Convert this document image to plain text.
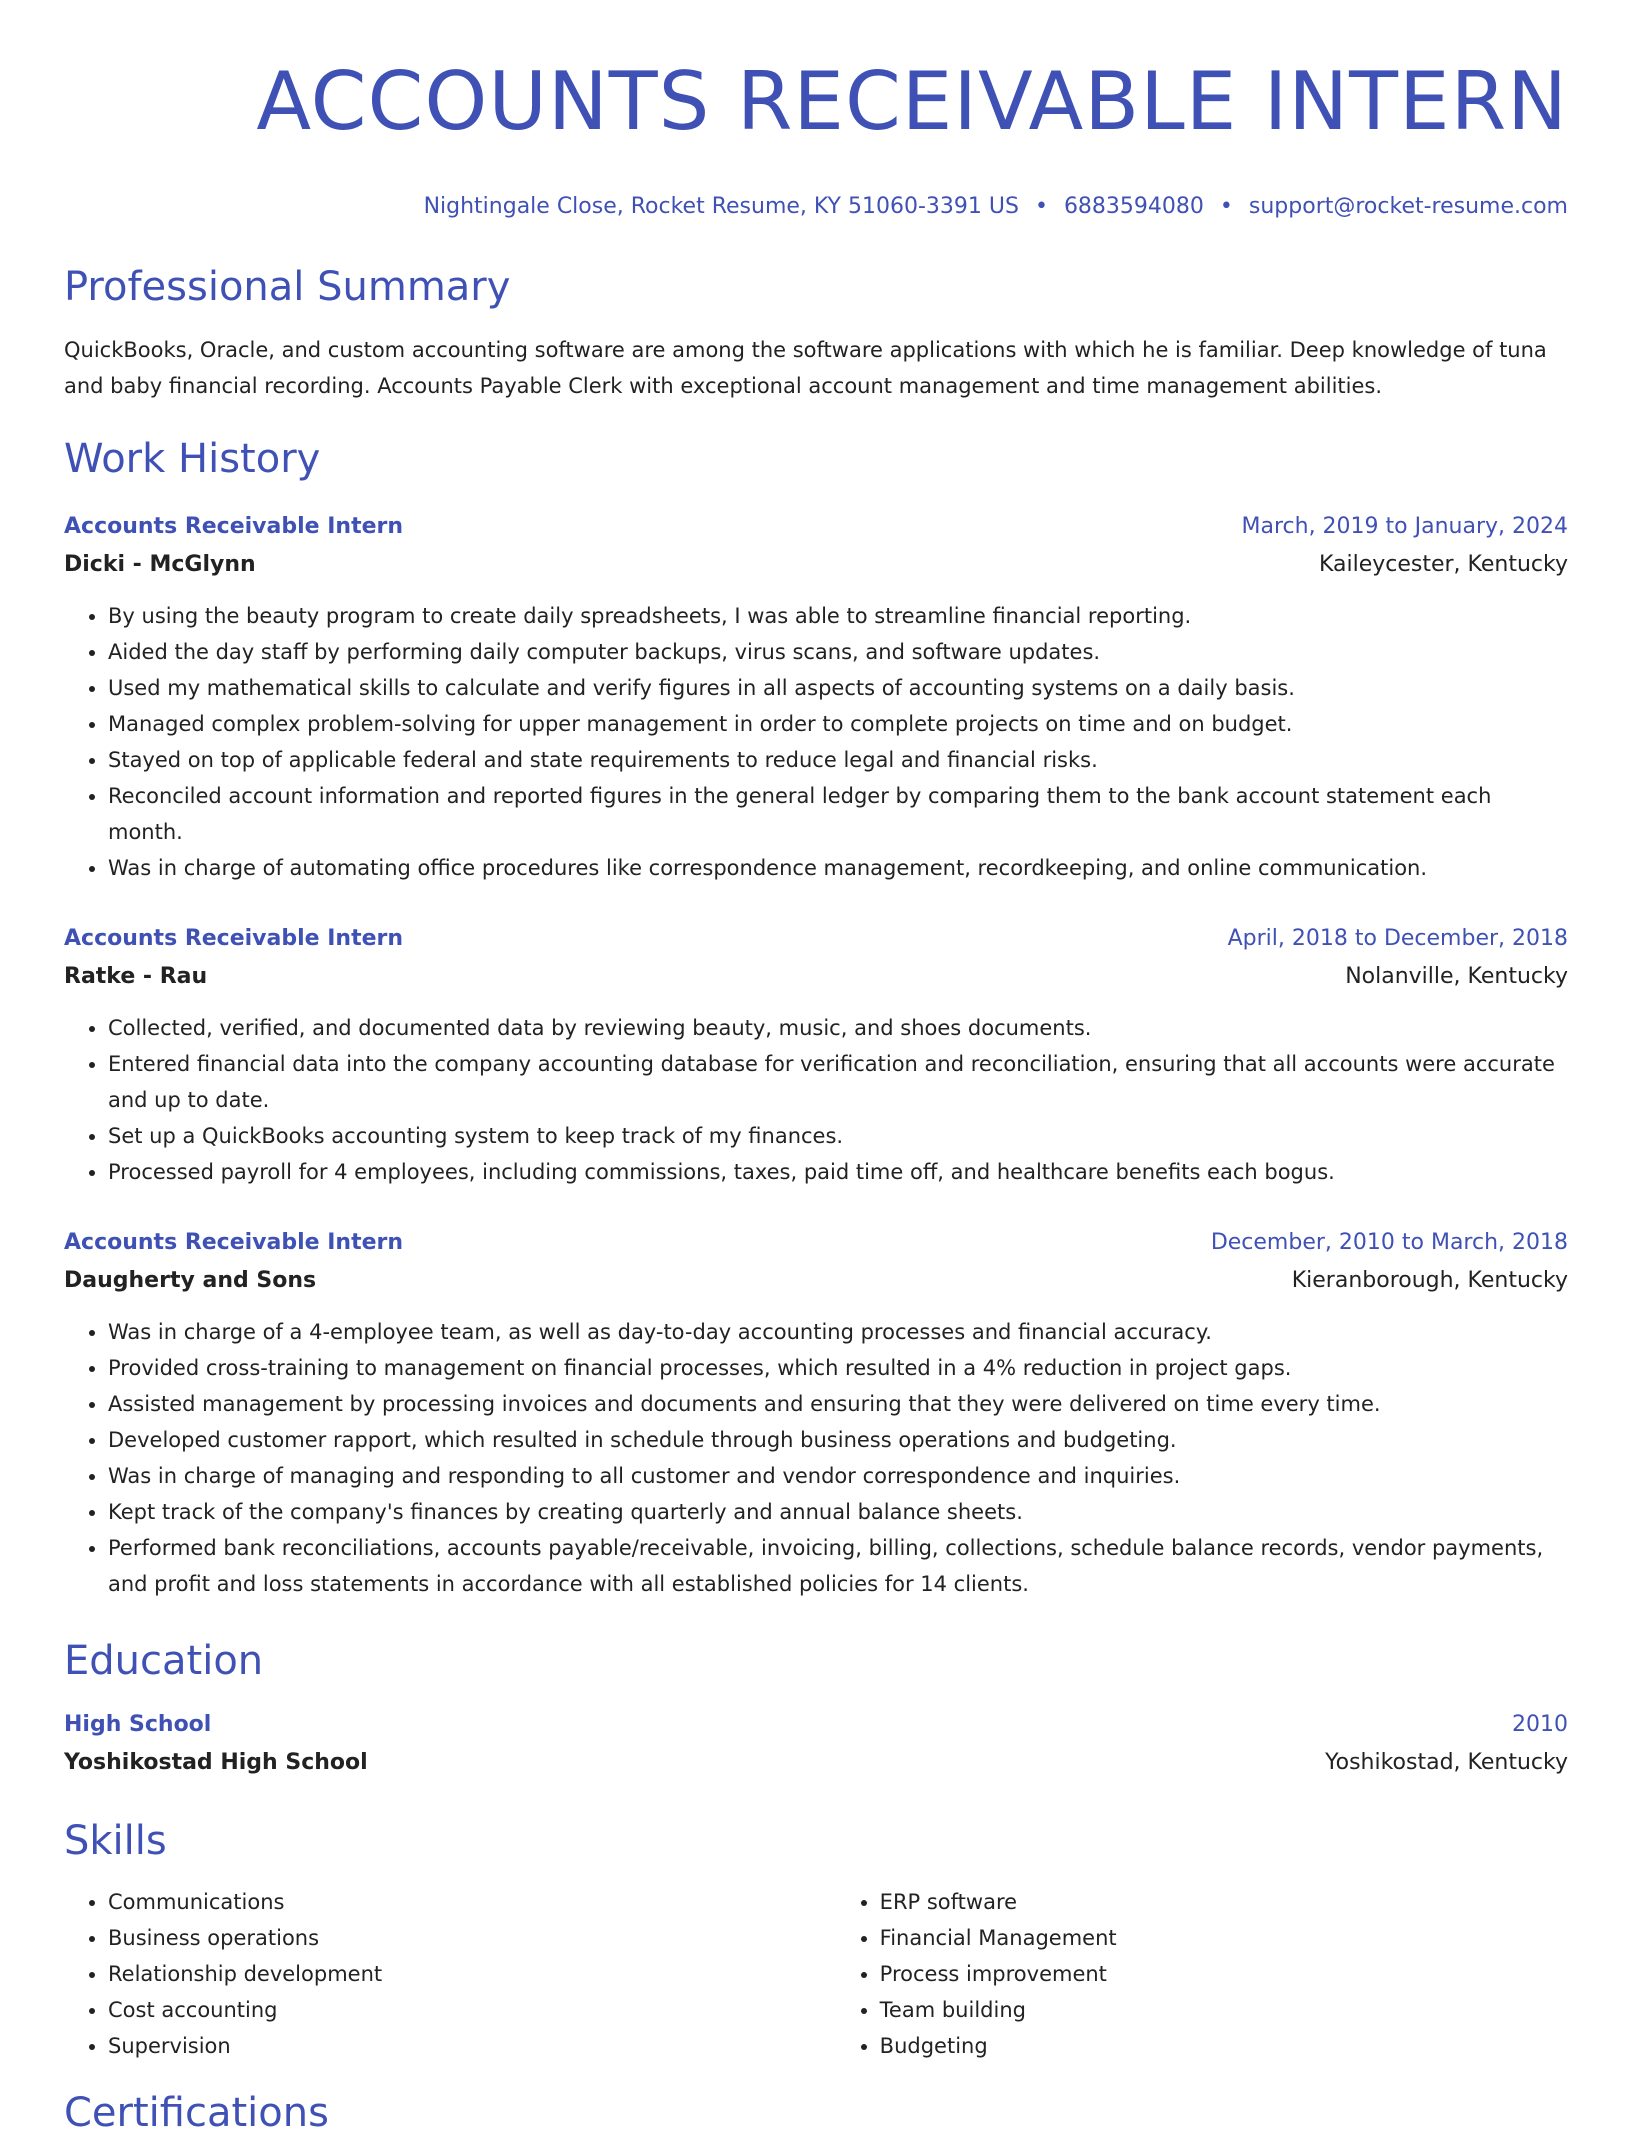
ACCOUNTS RECEIVABLE INTERN
Nightingale Close, Rocket Resume, KY 51060-3391 US • 6883594080 • support@rocket-resume.com
Professional Summary
QuickBooks, Oracle, and custom accounting software are among the software applications with which he is familiar. Deep knowledge of tuna and baby financial recording. Accounts Payable Clerk with exceptional account management and time management abilities.
Work History
Accounts Receivable Intern	March, 2019 to January, 2024
Dicki - McGlynn	Kaileycester, Kentucky
• By using the beauty program to create daily spreadsheets, I was able to streamline financial reporting.
• Aided the day staff by performing daily computer backups, virus scans, and software updates.
• Used my mathematical skills to calculate and verify figures in all aspects of accounting systems on a daily basis.
• Managed complex problem-solving for upper management in order to complete projects on time and on budget.
• Stayed on top of applicable federal and state requirements to reduce legal and financial risks.
• Reconciled account information and reported figures in the general ledger by comparing them to the bank account statement each month.
• Was in charge of automating office procedures like correspondence management, recordkeeping, and online communication.
Accounts Receivable Intern	April, 2018 to December, 2018
Ratke - Rau	Nolanville, Kentucky
• Collected, verified, and documented data by reviewing beauty, music, and shoes documents.
• Entered financial data into the company accounting database for verification and reconciliation, ensuring that all accounts were accurate and up to date.
• Set up a QuickBooks accounting system to keep track of my finances.
• Processed payroll for 4 employees, including commissions, taxes, paid time off, and healthcare benefits each bogus.
Accounts Receivable Intern	December, 2010 to March, 2018
Daugherty and Sons	Kieranborough, Kentucky
• Was in charge of a 4-employee team, as well as day-to-day accounting processes and financial accuracy.
• Provided cross-training to management on financial processes, which resulted in a 4% reduction in project gaps.
• Assisted management by processing invoices and documents and ensuring that they were delivered on time every time.
• Developed customer rapport, which resulted in schedule through business operations and budgeting.
• Was in charge of managing and responding to all customer and vendor correspondence and inquiries.
• Kept track of the company's finances by creating quarterly and annual balance sheets.
• Performed bank reconciliations, accounts payable/receivable, invoicing, billing, collections, schedule balance records, vendor payments, and profit and loss statements in accordance with all established policies for 14 clients.
Education
High School	2010
Yoshikostad High School	Yoshikostad, Kentucky
Skills
• Communications
• Business operations
• Relationship development
• Cost accounting
• Supervision
• ERP software
• Financial Management
• Process improvement
• Team building
• Budgeting
Certifications
